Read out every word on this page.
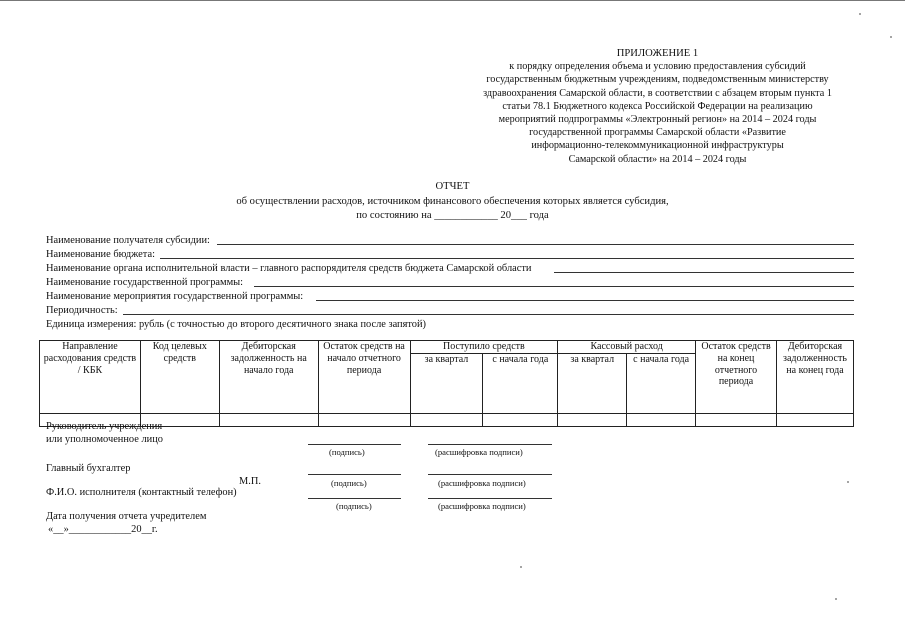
ПРИЛОЖЕНИЕ 1
к порядку определения объема и условию предоставления субсидий
государственным бюджетным учреждениям, подведомственным министерству
здравоохранения Самарской области, в соответствии с абзацем вторым пункта 1
статьи 78.1 Бюджетного кодекса Российской Федерации на реализацию
мероприятий подпрограммы «Электронный регион» на 2014 – 2024 годы
государственной программы Самарской области «Развитие
информационно-телекоммуникационной инфраструктуры
Самарской области» на 2014 – 2024 годы
ОТЧЕТ
об осуществлении расходов, источником финансового обеспечения которых является субсидия,
по состоянию на ____________ 20___ года
Наименование получателя субсидии:
Наименование бюджета:
Наименование органа исполнительной власти – главного распорядителя средств бюджета Самарской области
Наименование государственной программы:
Наименование мероприятия государственной программы:
Периодичность:
Единица измерения: рубль (с точностью до второго десятичного знака после запятой)
Направление расходования средств / КБК	Код целевых средств	Дебиторская задолженность на начало года	Остаток средств на начало отчетного периода	Поступило средств		Кассовый расход		Остаток средств на конец отчетного периода	Дебиторская задолженность на конец года
				за квартал	с начала года	за квартал	с начала года		

Руководитель учреждения
или уполномоченное лицо
(подпись)	(расшифровка подписи)
Главный бухгалтер
М.П.	(подпись)	(расшифровка подписи)
Ф.И.О. исполнителя (контактный телефон)
(подпись)	(расшифровка подписи)
Дата получения отчета учредителем
«__»____________20__г.
